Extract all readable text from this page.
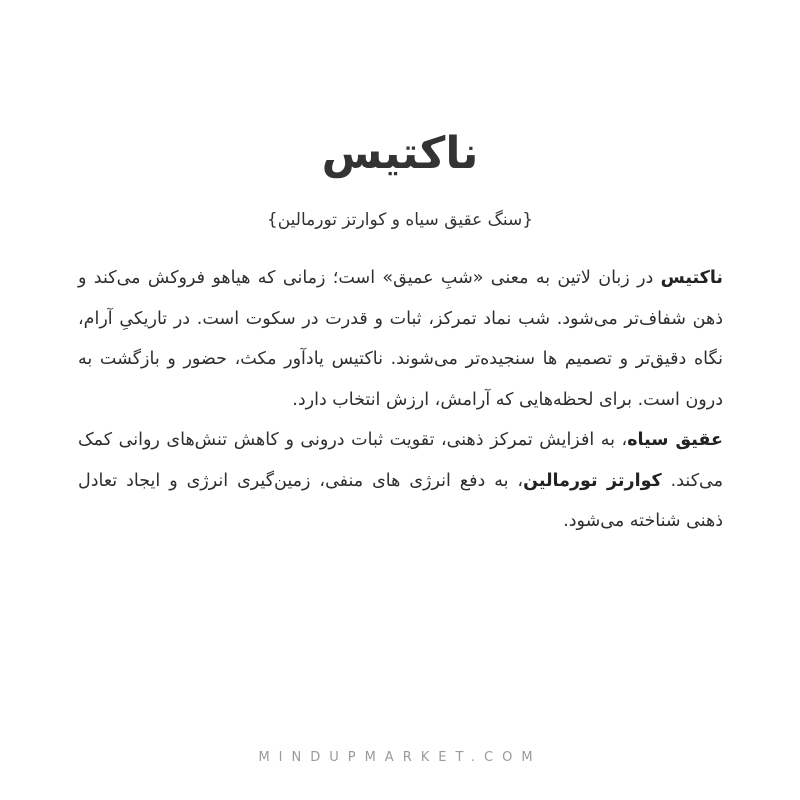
ناکتیس
{سنگ عقیق سیاه و کوارتز تورمالین}

ناکتیس در زبان لاتین به معنی «شبِ عمیق» است؛ زمانی که هیاهو فروکش می‌کند و ذهن شفاف‌تر می‌شود. شب نماد تمرکز، ثبات و قدرت در سکوت است. در تاریکیِ آرام، نگاه دقیق‌تر و تصمیم ها سنجیده‌تر می‌شوند. ناکتیس یادآور مکث، حضور و بازگشت به درون است. برای لحظه‌هایی که آرامش، ارزش انتخاب دارد.

عقیق سیاه، به افزایش تمرکز ذهنی، تقویت ثبات درونی و کاهش تنش‌های روانی کمک می‌کند. کوارتز تورمالین، به دفع انرژی های منفی، زمین‌گیری انرژی و ایجاد تعادل ذهنی شناخته می‌شود.

MINDUPMARKET.COM
